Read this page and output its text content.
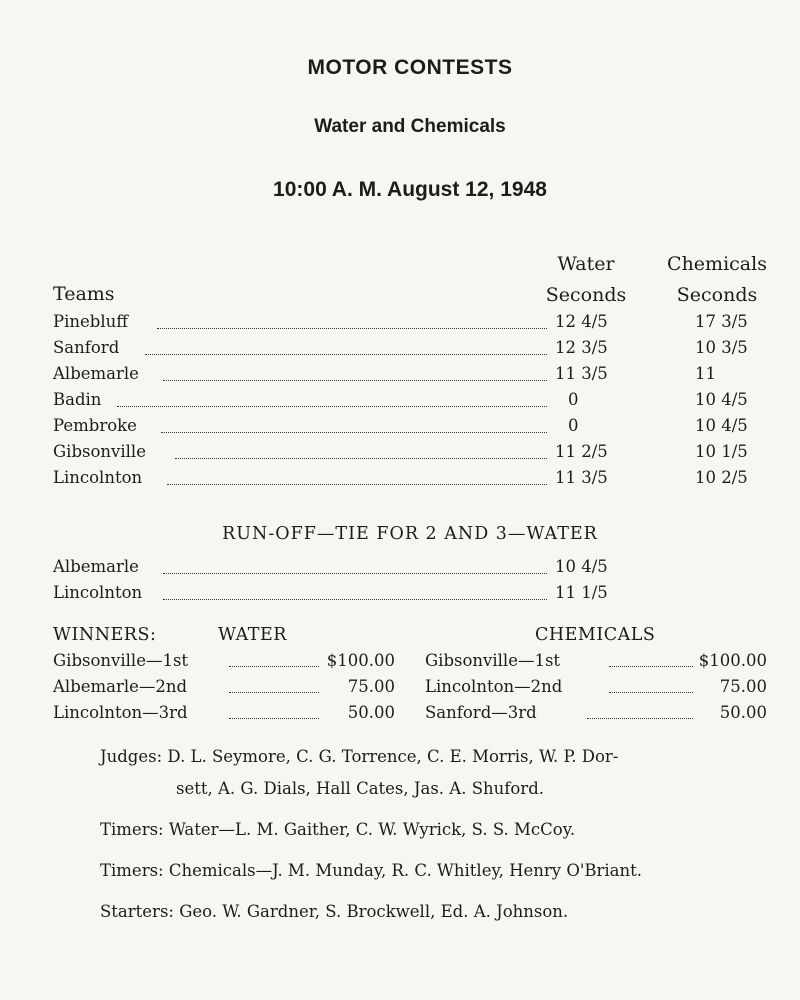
MOTOR CONTESTS
Water and Chemicals
10:00 A. M. August 12, 1948
Water
Seconds
Chemicals
Seconds
Teams
Pinebluff	12 4/5	17 3/5
Sanford	12 3/5	10 3/5
Albemarle	11 3/5	11
Badin	0	10 4/5
Pembroke	0	10 4/5
Gibsonville	11 2/5	10 1/5
Lincolnton	11 3/5	10 2/5
RUN-OFF—TIE FOR 2 AND 3—WATER
Albemarle	10 4/5
Lincolnton	11 1/5
WINNERS:	WATER	CHEMICALS
Gibsonville—1st	$100.00
Albemarle—2nd	75.00
Lincolnton—3rd	50.00
Gibsonville—1st	$100.00
Lincolnton—2nd	75.00
Sanford—3rd	50.00
Judges: D. L. Seymore, C. G. Torrence, C. E. Morris, W. P. Dor-
sett, A. G. Dials, Hall Cates, Jas. A. Shuford.
Timers: Water—L. M. Gaither, C. W. Wyrick, S. S. McCoy.
Timers: Chemicals—J. M. Munday, R. C. Whitley, Henry O'Briant.
Starters: Geo. W. Gardner, S. Brockwell, Ed. A. Johnson.
